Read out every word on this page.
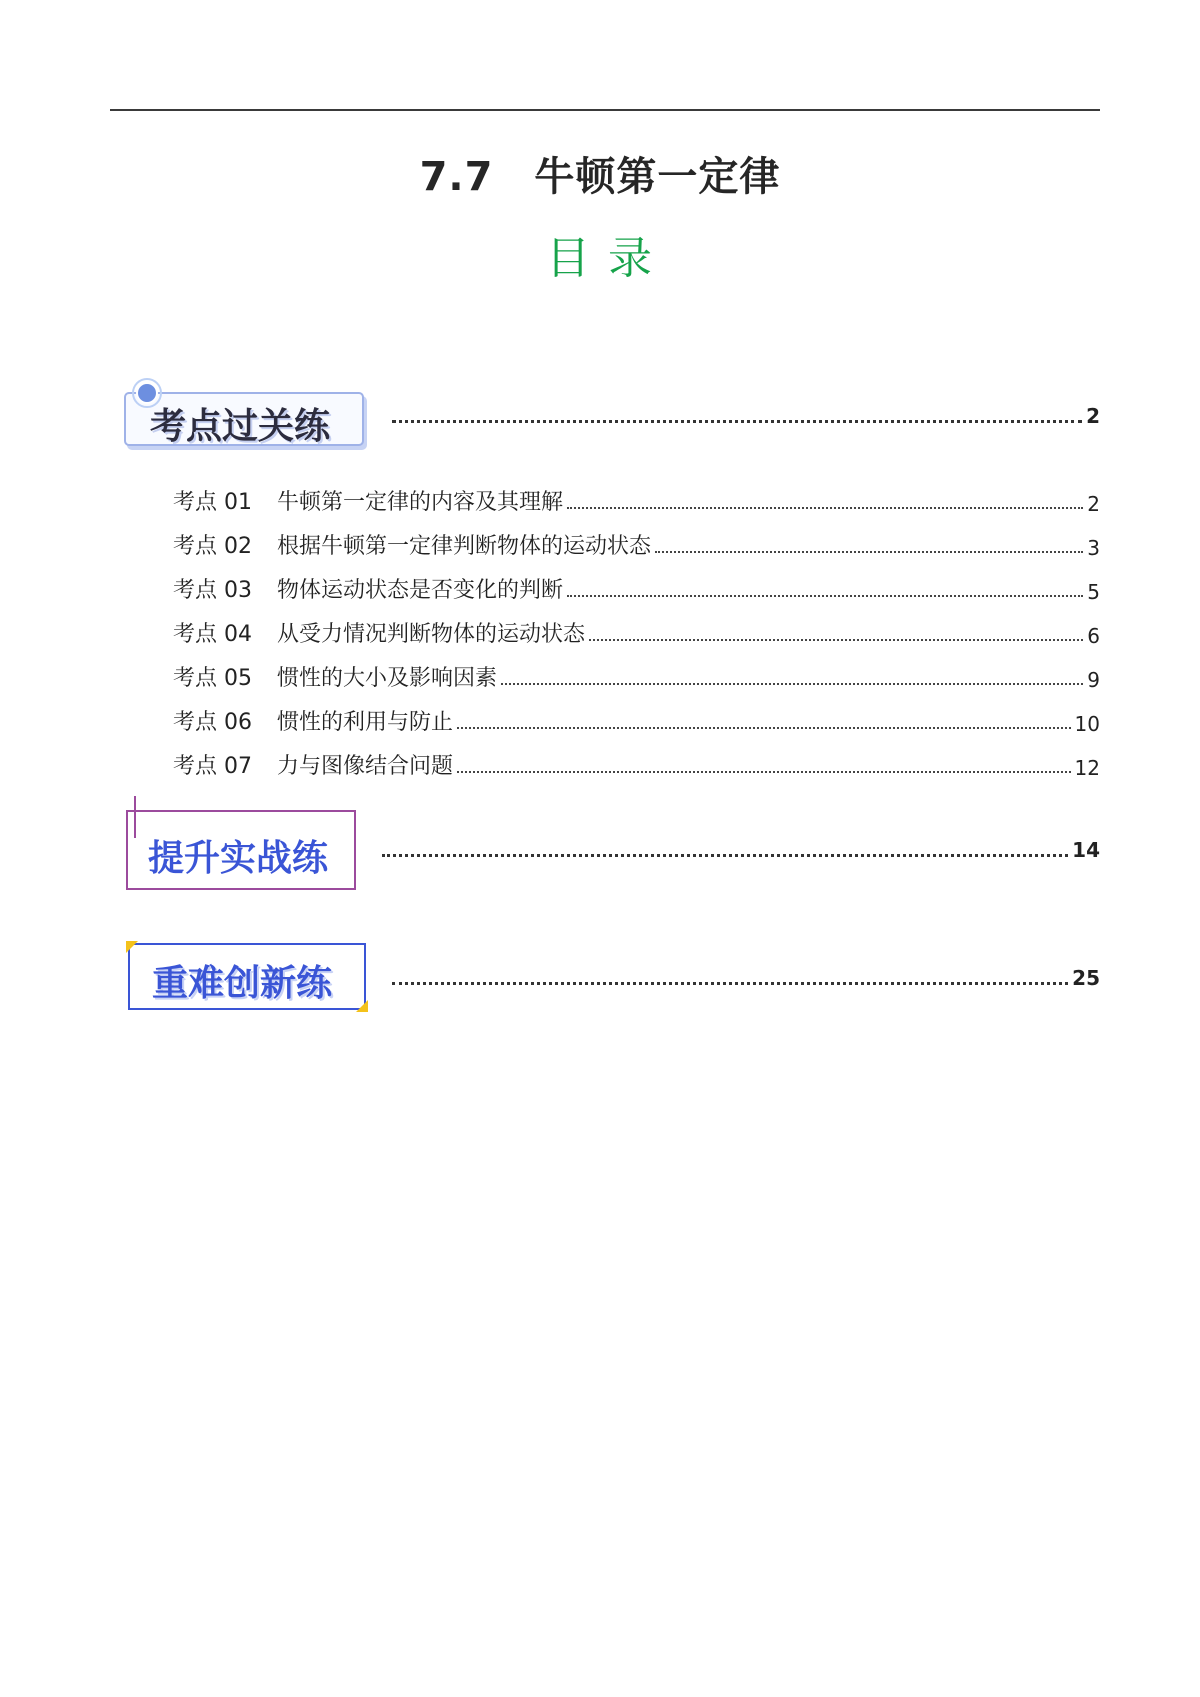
7.7　牛顿第一定律
目 录
考点过关练	2
考点 01	牛顿第一定律的内容及其理解	2
考点 02	根据牛顿第一定律判断物体的运动状态	3
考点 03	物体运动状态是否变化的判断	5
考点 04	从受力情况判断物体的运动状态	6
考点 05	惯性的大小及影响因素	9
考点 06	惯性的利用与防止	10
考点 07	力与图像结合问题	12
提升实战练	14
重难创新练	25
